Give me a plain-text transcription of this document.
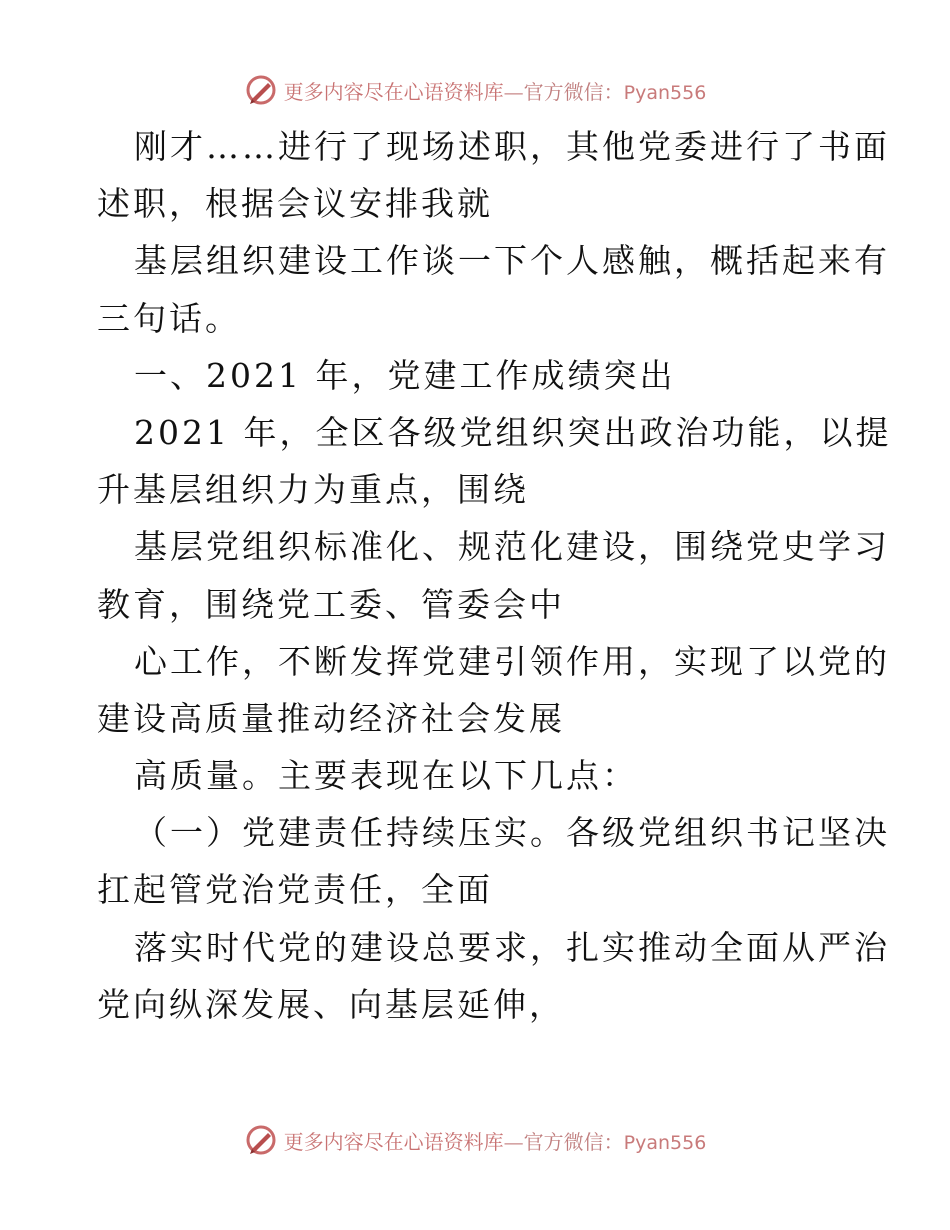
更多内容尽在心语资料库—官方微信：Pyan556
刚才……进行了现场述职，其他党委进行了书面
述职，根据会议安排我就
基层组织建设工作谈一下个人感触，概括起来有
三句话。
一、2021 年，党建工作成绩突出
2021 年，全区各级党组织突出政治功能，以提
升基层组织力为重点，围绕
基层党组织标准化、规范化建设，围绕党史学习
教育，围绕党工委、管委会中
心工作，不断发挥党建引领作用，实现了以党的
建设高质量推动经济社会发展
高质量。主要表现在以下几点：
（一）党建责任持续压实。各级党组织书记坚决
扛起管党治党责任，全面
落实时代党的建设总要求，扎实推动全面从严治
党向纵深发展、向基层延伸，
更多内容尽在心语资料库—官方微信：Pyan556
